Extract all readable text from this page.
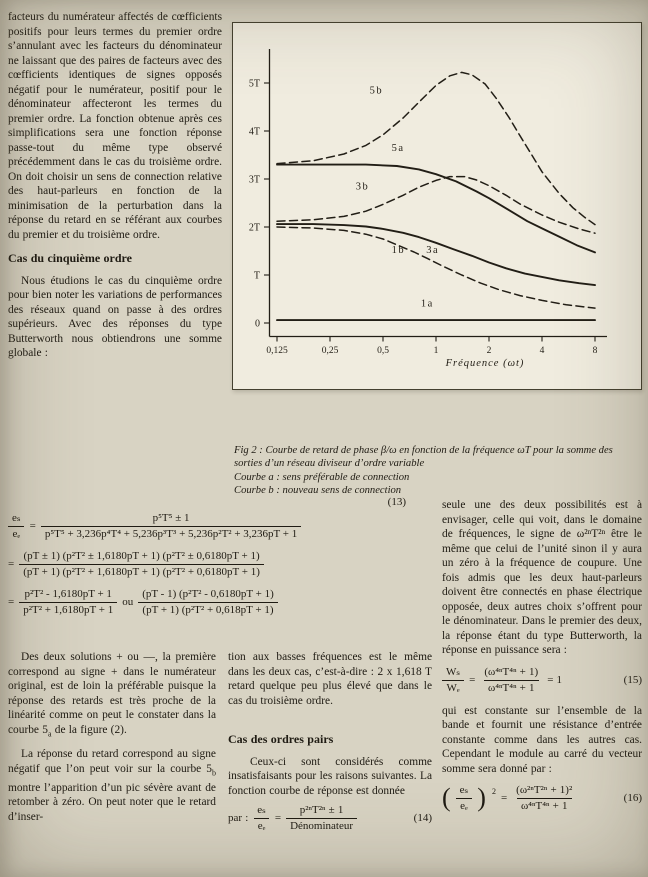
facteurs du numérateur affectés de cœfficients positifs pour leurs termes du premier ordre s’annulant avec les facteurs du dénominateur ne laissant que des paires de facteurs avec des cœfficients identiques de signes opposés négatif pour le numérateur, positif pour le dénominateur affecteront les termes du premier ordre. La fonction obtenue après ces simplifications sera une fonction réponse passe-tout du même type observé précédemment dans le cas du troisième ordre. On doit choisir un sens de connection relative des haut-parleurs en fonction de la minimisation de la perturbation dans la réponse du retard en se référant aux courbes du premier et du troisième ordre.

Cas du cinquième ordre

Nous étudions le cas du cinquième ordre pour bien noter les variations de performances des réseaux quand on passe à des ordres supérieurs. Avec des réponses du type Butterworth nous obtiendrons une somme globale :

0
T
2T
3T
4T
5T
0,125	0,25	0,5	1	2	4	8
5b
5a
3b
3a
1b
1a
Fréquence (ωt)
Fig 2 : Courbe de retard de phase β/ω en fonction de la fréquence ωT pour la somme des sorties d’un réseau diviseur d’ordre variable
Courbe a : sens préférable de connection
Courbe b : nouveau sens de connection
(13)
$\frac{\text{eₛ}}{\text{eₑ}} = \frac{\text{p⁵T⁵ ± 1}}{\text{p⁵T⁵ + 3,236p⁴T⁴ + 5,236p³T³ + 5,236p²T² + 3,236pT + 1}}$
= $\frac{\text{(pT ± 1) (p²T² ± 1,6180pT + 1) (p²T² ± 0,6180pT + 1)}}{\text{(pT + 1) (p²T² + 1,6180pT + 1) (p²T² + 0,6180pT + 1)}}$
= $\frac{\text{p²T² - 1,6180pT + 1}}{\text{p²T² + 1,6180pT + 1}}$ ou $\frac{\text{(pT - 1) (p²T² - 0,6180pT + 1)}}{\text{(pT + 1) (p²T² + 0,618pT + 1)}}$

Des deux solutions + ou —, la première correspond au signe + dans le numérateur original, est de loin la préférable puisque la réponse des retards est très proche de la linéarité comme on peut le constater dans la courbe $5_a$ de la figure (2).

La réponse du retard correspond au signe négatif que l’on peut voir sur la courbe $5_b$ montre l’apparition d’un pic sévère avant de retomber à zéro. On peut noter que le retard d’inser-

tion aux basses fréquences est le même dans les deux cas, c’est-à-dire : 2 x 1,618 T retard quelque peu plus élevé que dans le cas du troisième ordre.

Cas des ordres pairs

Ceux-ci sont considérés comme insatisfaisants pour les raisons suivantes. La fonction courbe de réponse est donnée

par : $\frac{\text{eₛ}}{\text{eₑ}} = \frac{\text{p²ⁿT²ⁿ ± 1}}{\text{Dénominateur}}$	(14)

seule une des deux possibilités est à envisager, celle qui voit, dans le domaine de fréquences, le signe de ω²ⁿT²ⁿ être le même que celui de l’unité sinon il y aura un zéro à la fréquence de coupure. Une fois admis que les deux haut-parleurs doivent être connectés en phase électrique opposée, deux autres choix s’offrent pour le dénominateur. Dans le premier des deux, la réponse étant du type Butterworth, la réponse en puissance sera :

$\frac{\text{Wₛ}}{\text{Wₑ}} = \frac{\text{(ω⁴ⁿT⁴ⁿ + 1)}}{\text{ω⁴ⁿT⁴ⁿ + 1}} = 1$	(15)

qui est constante sur l’ensemble de la bande et fournit une résistance d’entrée constante comme dans les autres cas. Cependant le module au carré du vecteur somme sera donné par :

( $\frac{\text{eₛ}}{\text{eₑ}}$ ) $^2$
= $\frac{\text{(ω²ⁿT²ⁿ + 1)²}}{\text{ω⁴ⁿT⁴ⁿ + 1}}$	(16)
